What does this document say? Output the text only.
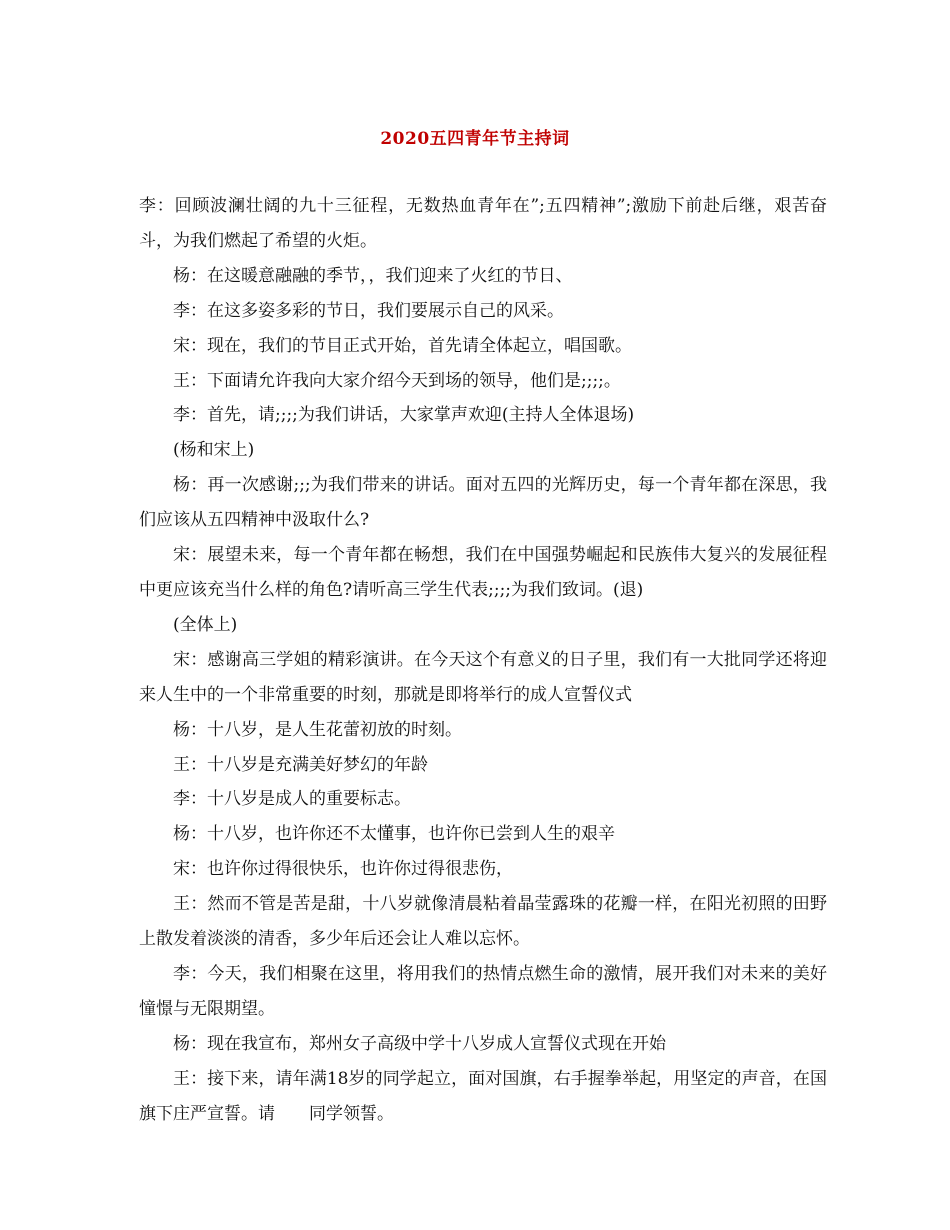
2020五四青年节主持词

李：回顾波澜壮阔的九十三征程，无数热血青年在”;五四精神”;激励下前赴后继，艰苦奋斗，为我们燃起了希望的火炬。

杨：在这暖意融融的季节，，我们迎来了火红的节日、

李：在这多姿多彩的节日，我们要展示自己的风采。

宋：现在，我们的节目正式开始，首先请全体起立，唱国歌。

王：下面请允许我向大家介绍今天到场的领导，他们是;;;;。

李：首先，请;;;;为我们讲话，大家掌声欢迎(主持人全体退场)

(杨和宋上)

杨：再一次感谢;;;为我们带来的讲话。面对五四的光辉历史，每一个青年都在深思，我们应该从五四精神中汲取什么?

宋：展望未来，每一个青年都在畅想，我们在中国强势崛起和民族伟大复兴的发展征程中更应该充当什么样的角色?请听高三学生代表;;;;为我们致词。(退)

(全体上)

宋：感谢高三学姐的精彩演讲。在今天这个有意义的日子里，我们有一大批同学还将迎来人生中的一个非常重要的时刻，那就是即将举行的成人宣誓仪式

杨：十八岁，是人生花蕾初放的时刻。

王：十八岁是充满美好梦幻的年龄

李：十八岁是成人的重要标志。

杨：十八岁，也许你还不太懂事，也许你已尝到人生的艰辛

宋：也许你过得很快乐，也许你过得很悲伤，

王：然而不管是苦是甜，十八岁就像清晨粘着晶莹露珠的花瓣一样，在阳光初照的田野上散发着淡淡的清香，多少年后还会让人难以忘怀。

李：今天，我们相聚在这里，将用我们的热情点燃生命的激情，展开我们对未来的美好憧憬与无限期望。

杨：现在我宣布，郑州女子高级中学十八岁成人宣誓仪式现在开始

王：接下来，请年满18岁的同学起立，面对国旗，右手握拳举起，用坚定的声音，在国旗下庄严宣誓。请　　同学领誓。
